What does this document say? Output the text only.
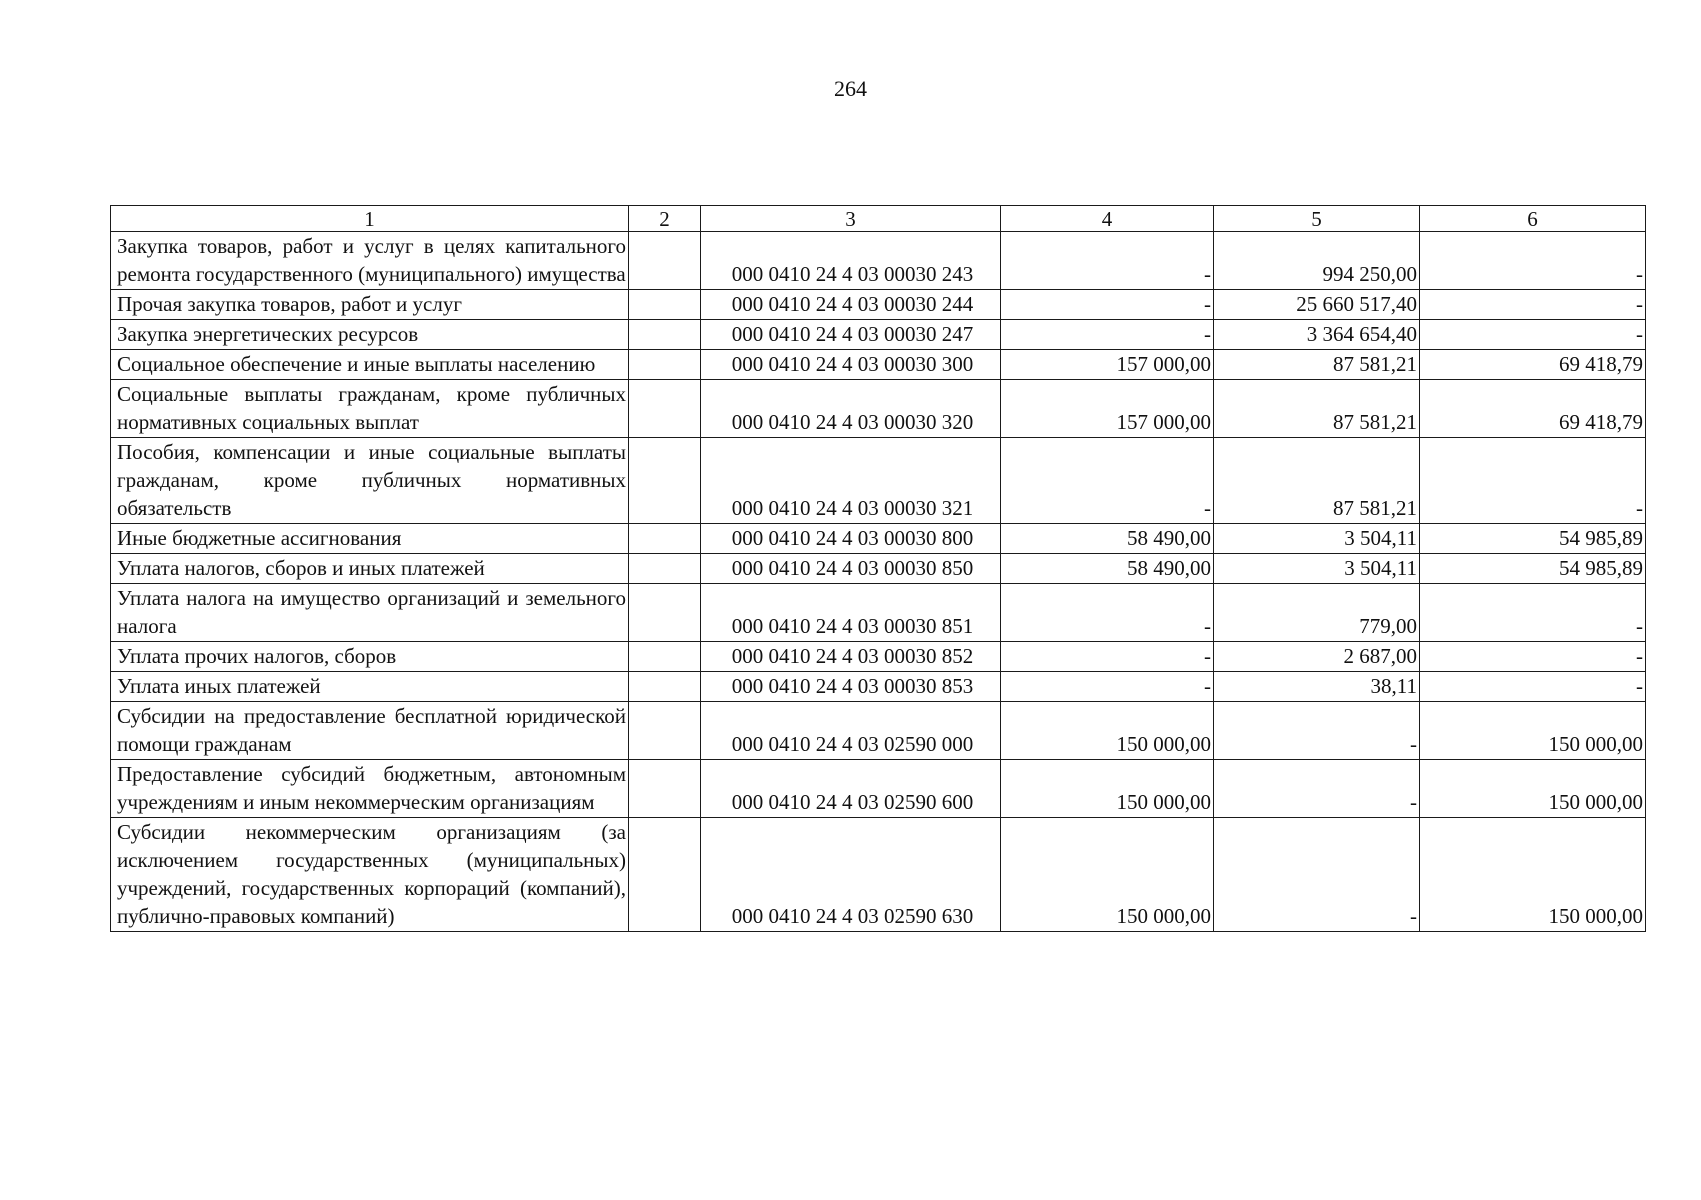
264
1	2	3	4	5	6
Закупка товаров, работ и услуг в целях капитального ремонта государственного (муниципального) имущества		000 0410 24 4 03 00030 243	-	994 250,00	-
Прочая закупка товаров, работ и услуг		000 0410 24 4 03 00030 244	-	25 660 517,40	-
Закупка энергетических ресурсов		000 0410 24 4 03 00030 247	-	3 364 654,40	-
Социальное обеспечение и иные выплаты населению		000 0410 24 4 03 00030 300	157 000,00	87 581,21	69 418,79
Социальные выплаты гражданам, кроме публичных нормативных социальных выплат		000 0410 24 4 03 00030 320	157 000,00	87 581,21	69 418,79
Пособия, компенсации и иные социальные выплаты гражданам, кроме публичных нормативных обязательств		000 0410 24 4 03 00030 321	-	87 581,21	-
Иные бюджетные ассигнования		000 0410 24 4 03 00030 800	58 490,00	3 504,11	54 985,89
Уплата налогов, сборов и иных платежей		000 0410 24 4 03 00030 850	58 490,00	3 504,11	54 985,89
Уплата налога на имущество организаций и земельного налога		000 0410 24 4 03 00030 851	-	779,00	-
Уплата прочих налогов, сборов		000 0410 24 4 03 00030 852	-	2 687,00	-
Уплата иных платежей		000 0410 24 4 03 00030 853	-	38,11	-
Субсидии на предоставление бесплатной юридической помощи гражданам		000 0410 24 4 03 02590 000	150 000,00	-	150 000,00
Предоставление субсидий бюджетным, автономным учреждениям и иным некоммерческим организациям		000 0410 24 4 03 02590 600	150 000,00	-	150 000,00
Субсидии некоммерческим организациям (за исключением государственных (муниципальных) учреждений, государственных корпораций (компаний), публично-правовых компаний)		000 0410 24 4 03 02590 630	150 000,00	-	150 000,00
